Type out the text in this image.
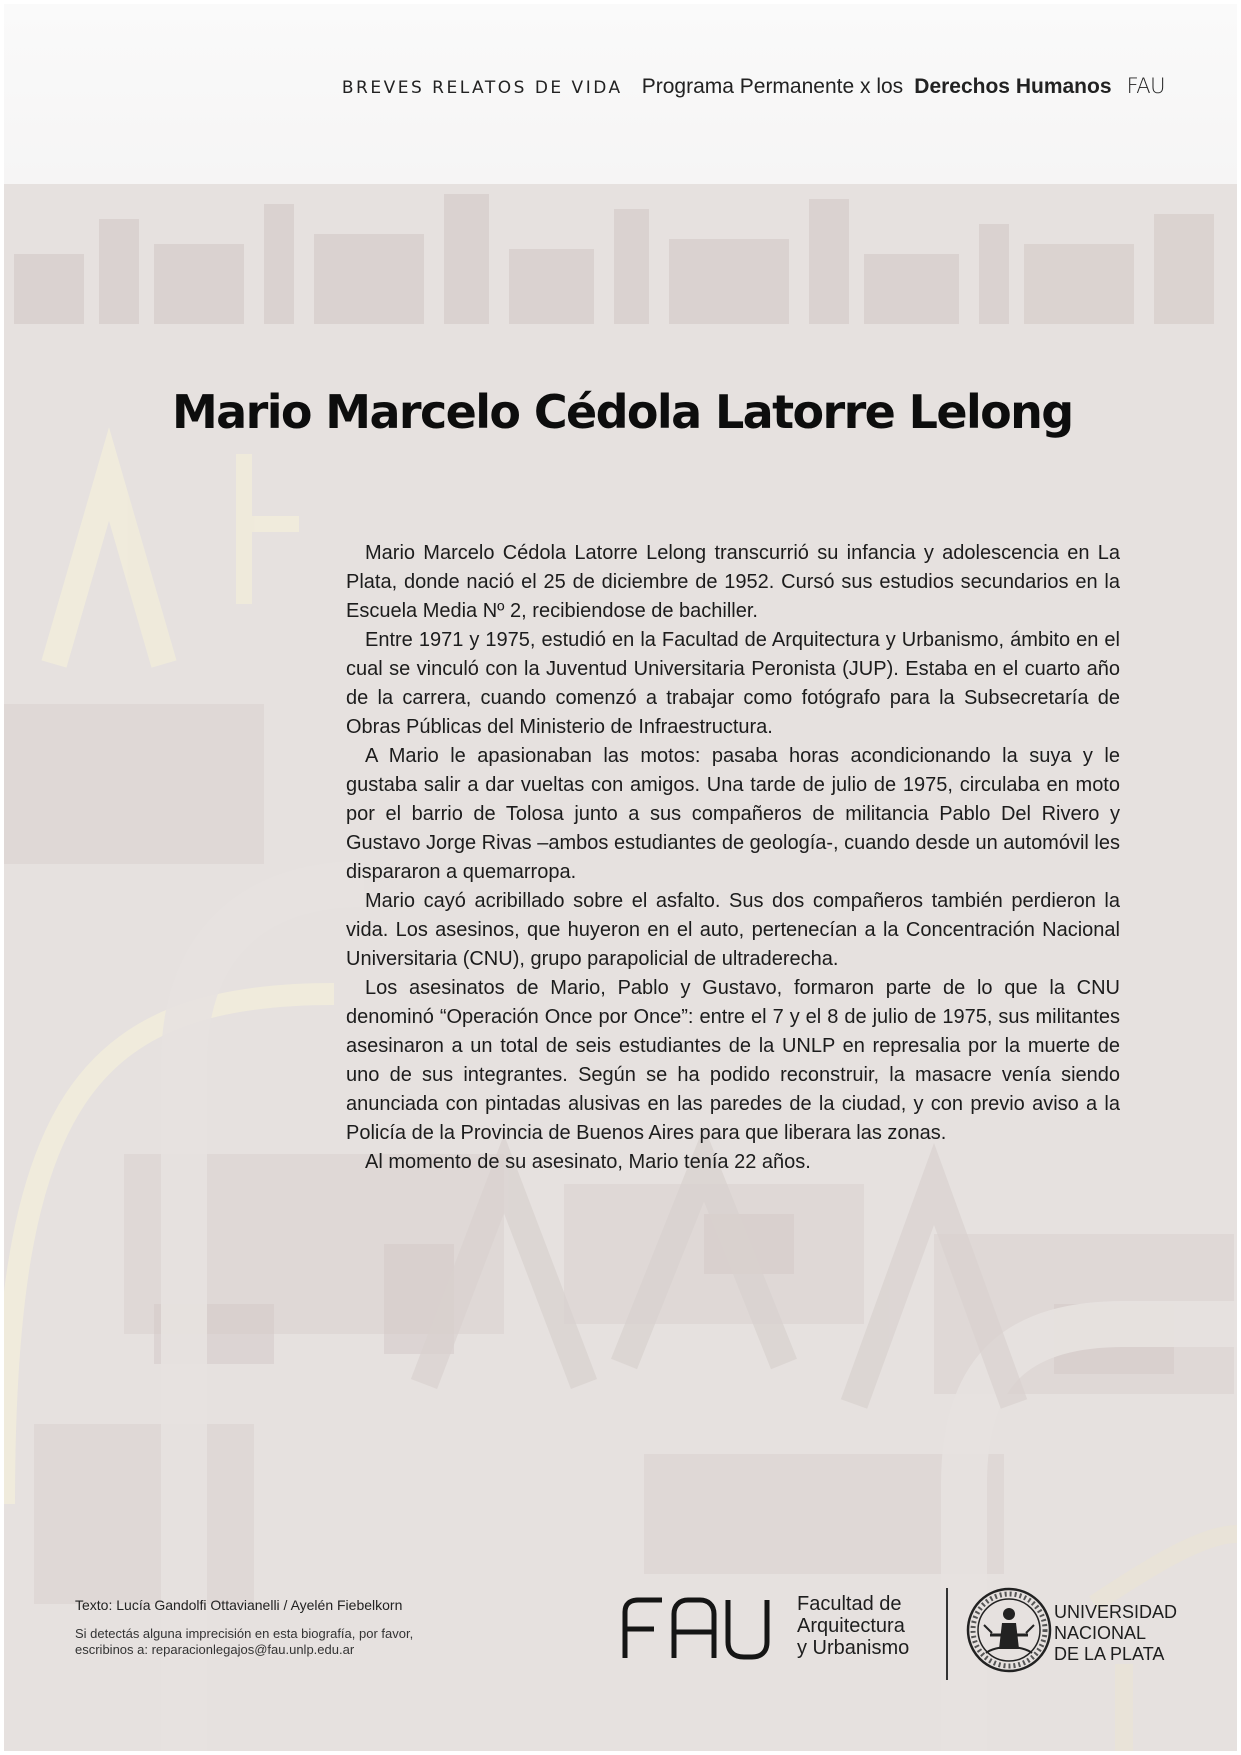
BREVES RELATOS DE VIDA Programa Permanente x los Derechos Humanos FAU
Mario Marcelo Cédola Latorre Lelong

Mario Marcelo Cédola Latorre Lelong transcurrió su infancia y adolescencia en La Plata, donde nació el 25 de diciembre de 1952. Cursó sus estudios secundarios en la Escuela Media Nº 2, recibiendose de bachiller.

Entre 1971 y 1975, estudió en la Facultad de Arquitectura y Urbanismo, ámbito en el cual se vinculó con la Juventud Universitaria Peronista (JUP). Estaba en el cuarto año de la carrera, cuando comenzó a trabajar como fotógrafo para la Subsecretaría de Obras Públicas del Ministerio de Infraestructura.

A Mario le apasionaban las motos: pasaba horas acondicionando la suya y le gustaba salir a dar vueltas con amigos. Una tarde de julio de 1975, circulaba en moto por el barrio de Tolosa junto a sus compañeros de militancia Pablo Del Rivero y Gustavo Jorge Rivas –ambos estudiantes de geología-, cuando desde un automóvil les dispararon a quemarropa.

Mario cayó acribillado sobre el asfalto. Sus dos compañeros también perdieron la vida. Los asesinos, que huyeron en el auto, pertenecían a la Concentración Nacional Universitaria (CNU), grupo parapolicial de ultraderecha.

Los asesinatos de Mario, Pablo y Gustavo, formaron parte de lo que la CNU denominó “Operación Once por Once”: entre el 7 y el 8 de julio de 1975, sus militantes asesinaron a un total de seis estudiantes de la UNLP en represalia por la muerte de uno de sus integrantes. Según se ha podido reconstruir, la masacre venía siendo anunciada con pintadas alusivas en las paredes de la ciudad, y con previo aviso a la Policía de la Provincia de Buenos Aires para que liberara las zonas.

Al momento de su asesinato, Mario tenía 22 años.

Texto: Lucía Gandolfi Ottavianelli / Ayelén Fiebelkorn
Si detectás alguna imprecisión en esta biografía, por favor,
escribinos a: reparacionlegajos@fau.unlp.edu.ar
Facultad de
Arquitectura
y Urbanismo
UNIVERSIDAD
NACIONAL
DE LA PLATA
